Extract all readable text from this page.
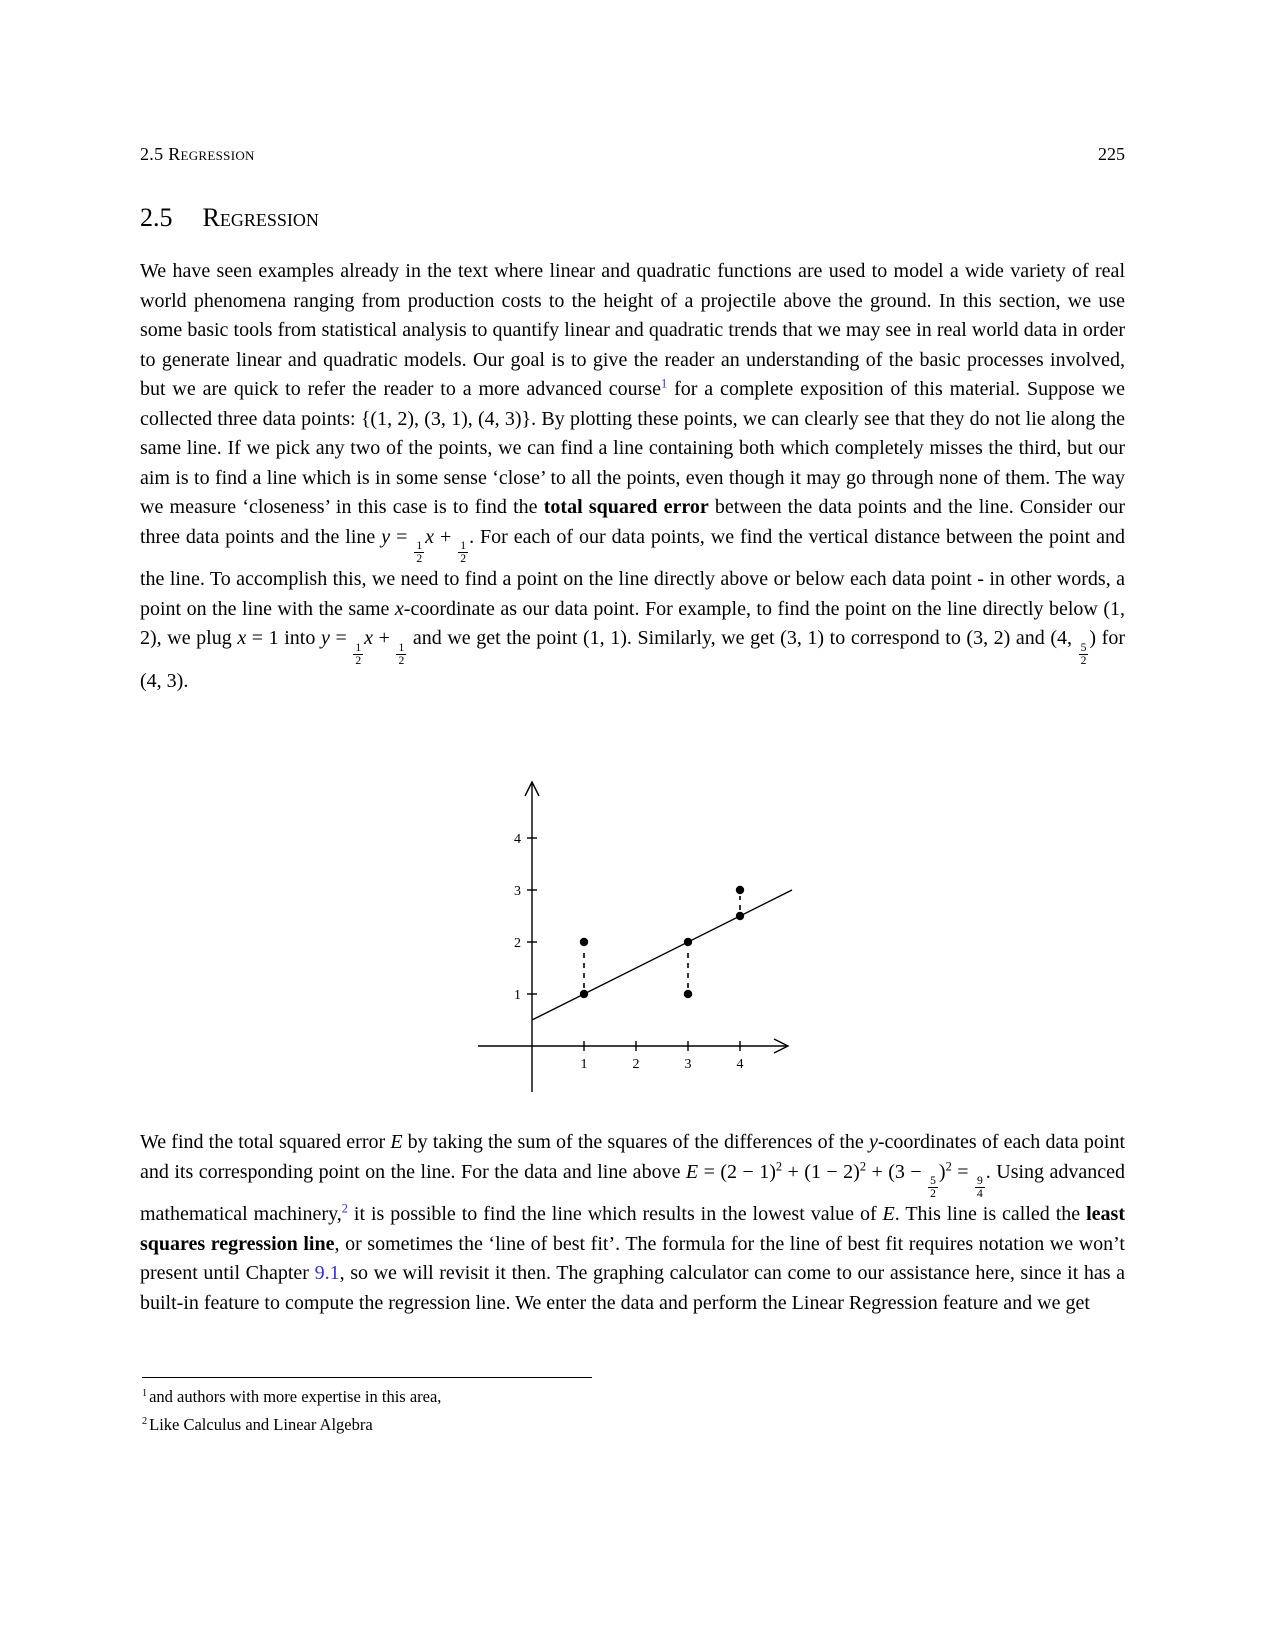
2.5 Regression	225
2.5 Regression

We have seen examples already in the text where linear and quadratic functions are used to model a wide variety of real world phenomena ranging from production costs to the height of a projectile above the ground. In this section, we use some basic tools from statistical analysis to quantify linear and quadratic trends that we may see in real world data in order to generate linear and quadratic models. Our goal is to give the reader an understanding of the basic processes involved, but we are quick to refer the reader to a more advanced course$^1$ for a complete exposition of this material. Suppose we collected three data points: {(1, 2), (3, 1), (4, 3)}. By plotting these points, we can clearly see that they do not lie along the same line. If we pick any two of the points, we can find a line containing both which completely misses the third, but our aim is to find a line which is in some sense ‘close’ to all the points, even though it may go through none of them. The way we measure ‘closeness’ in this case is to find the total squared error between the data points and the line. Consider our three data points and the line y =
$\frac{1}{2}$
x +
$\frac{1}{2}$
. For each of our data points, we find the vertical distance between the point and the line. To accomplish this, we need to find a point on the line directly above or below each data point - in other words, a point on the line with the same x-coordinate as our data point. For example, to find the point on the line directly below (1, 2), we plug x = 1 into y =
$\frac{1}{2}$
x +
$\frac{1}{2}$
and we get the point (1, 1). Similarly, we get (3, 1) to correspond to (3, 2) and (4,
$\frac{5}{2}$
) for (4, 3).

1	2	3	4
1
2
3
4

We find the total squared error E by taking the sum of the squares of the differences of the y-coordinates of each data point and its corresponding point on the line. For the data and line above $E = (2 - 1)^2 + (1 - 2)^2 + (3$ −
$\frac{5}{2}$
)$^2$ =
$\frac{9}{4}$
. Using advanced mathematical machinery,$^2$ it is possible to find the line which results in the lowest value of E. This line is called the least squares regression line, or sometimes the ‘line of best fit’. The formula for the line of best fit requires notation we won’t present until Chapter 9.1, so we will revisit it then. The graphing calculator can come to our assistance here, since it has a built-in feature to compute the regression line. We enter the data and perform the Linear Regression feature and we get

$^1$ and authors with more expertise in this area,
$^2$ Like Calculus and Linear Algebra
